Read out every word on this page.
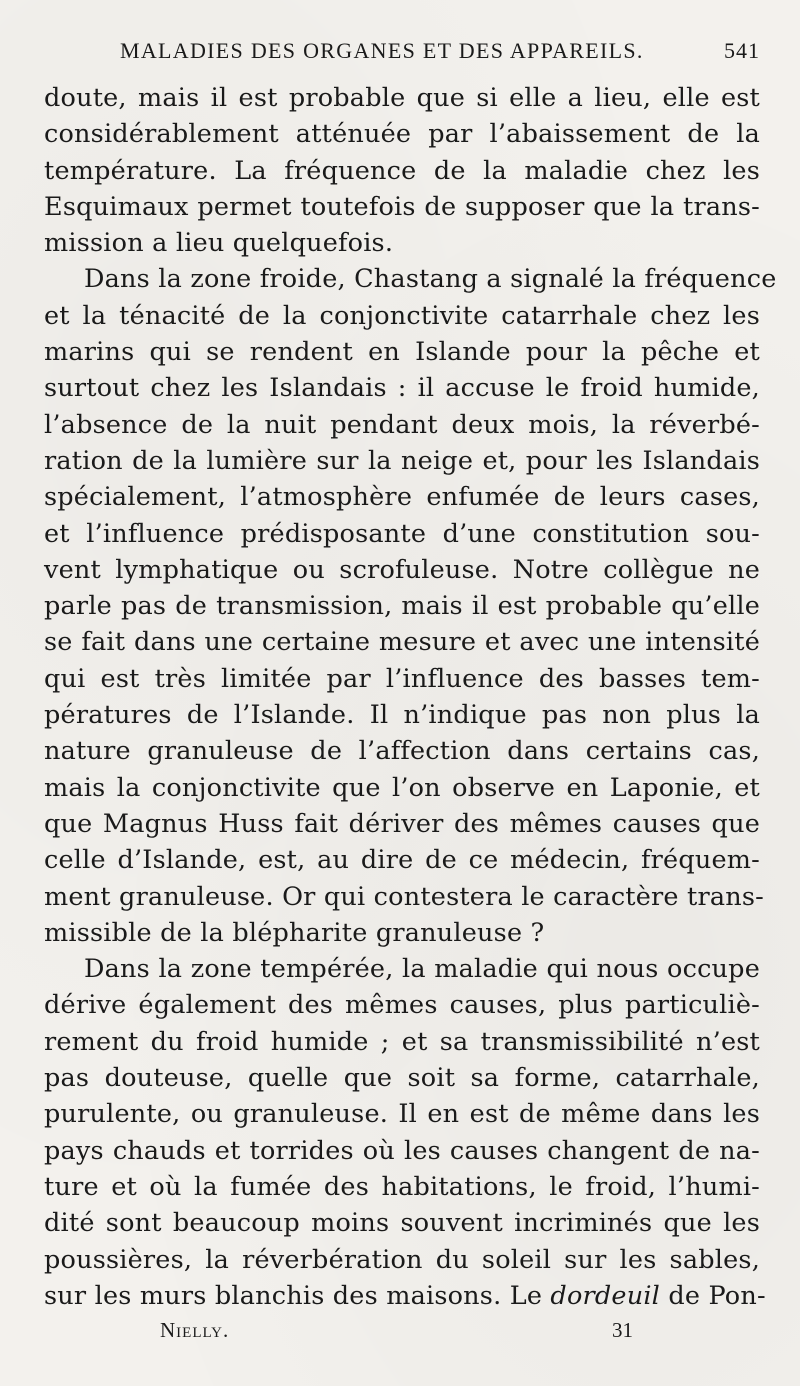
MALADIES DES ORGANES ET DES APPAREILS.	541
doute, mais il est probable que si elle a lieu, elle est
considérablement atténuée par l’abaissement de la
température. La fréquence de la maladie chez les
Esquimaux permet toutefois de supposer que la trans-
mission a lieu quelquefois.
Dans la zone froide, Chastang a signalé la fréquence
et la ténacité de la conjonctivite catarrhale chez les
marins qui se rendent en Islande pour la pêche et
surtout chez les Islandais : il accuse le froid humide,
l’absence de la nuit pendant deux mois, la réverbé-
ration de la lumière sur la neige et, pour les Islandais
spécialement, l’atmosphère enfumée de leurs cases,
et l’influence prédisposante d’une constitution sou-
vent lymphatique ou scrofuleuse. Notre collègue ne
parle pas de transmission, mais il est probable qu’elle
se fait dans une certaine mesure et avec une intensité
qui est très limitée par l’influence des basses tem-
pératures de l’Islande. Il n’indique pas non plus la
nature granuleuse de l’affection dans certains cas,
mais la conjonctivite que l’on observe en Laponie, et
que Magnus Huss fait dériver des mêmes causes que
celle d’Islande, est, au dire de ce médecin, fréquem-
ment granuleuse. Or qui contestera le caractère trans-
missible de la blépharite granuleuse ?
Dans la zone tempérée, la maladie qui nous occupe
dérive également des mêmes causes, plus particuliè-
rement du froid humide ; et sa transmissibilité n’est
pas douteuse, quelle que soit sa forme, catarrhale,
purulente, ou granuleuse. Il en est de même dans les
pays chauds et torrides où les causes changent de na-
ture et où la fumée des habitations, le froid, l’humi-
dité sont beaucoup moins souvent incriminés que les
poussières, la réverbération du soleil sur les sables,
sur les murs blanchis des maisons. Le dordeuil de Pon-
Nielly.	31
